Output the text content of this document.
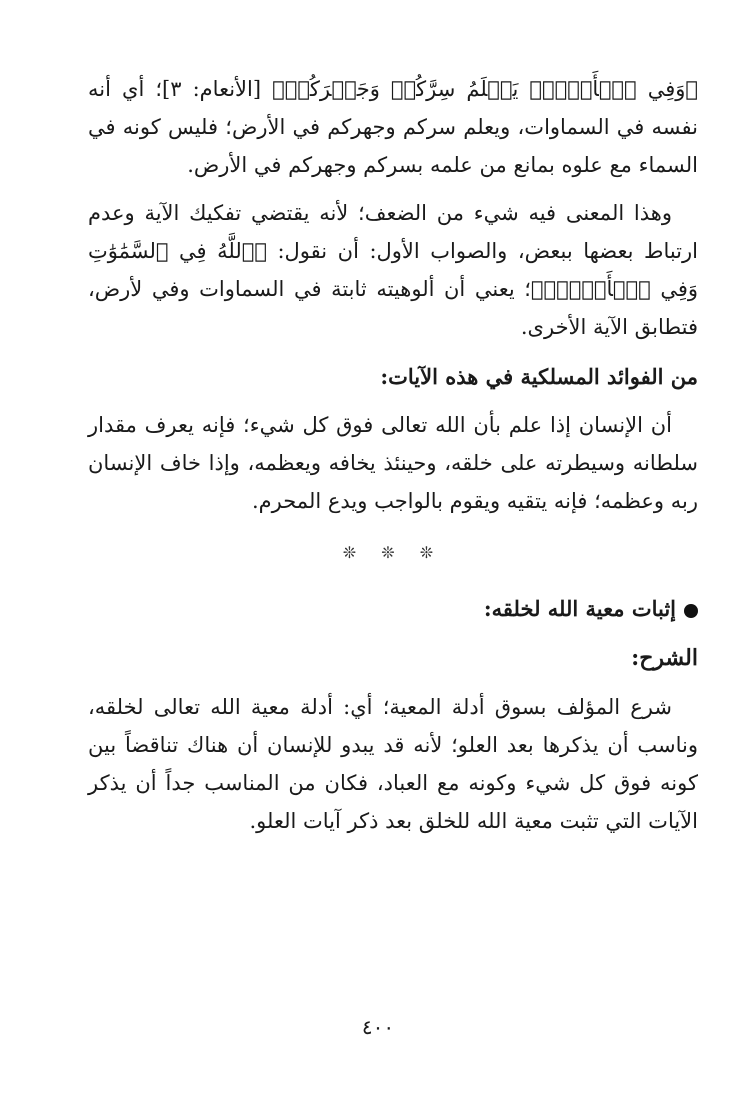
﴿وَفِي ٱلۡأَرۡضِۖ يَعۡلَمُ سِرَّكُمۡ وَجَهۡرَكُمۡ﴾ [الأنعام: ٣]؛ أي أنه نفسه في السماوات، ويعلم سركم وجهركم في الأرض؛ فليس كونه في السماء مع علوه بمانع من علمه بسركم وجهركم في الأرض.

وهذا المعنى فيه شيء من الضعف؛ لأنه يقتضي تفكيك الآية وعدم ارتباط بعضها ببعض، والصواب الأول: أن نقول: ﴿ٱللَّهُ فِي ٱلسَّمَٰوَٰتِ وَفِي ٱلۡأَرۡضِۖ﴾؛ يعني أن ألوهيته ثابتة في السماوات وفي لأرض، فتطابق الآية الأخرى.

من الفوائد المسلكية في هذه الآيات:

أن الإنسان إذا علم بأن الله تعالى فوق كل شيء؛ فإنه يعرف مقدار سلطانه وسيطرته على خلقه، وحينئذ يخافه ويعظمه، وإذا خاف الإنسان ربه وعظمه؛ فإنه يتقيه ويقوم بالواجب ويدع المحرم.

❊ ❊ ❊

إثبات معية الله لخلقه:

الشرح:

شرع المؤلف بسوق أدلة المعية؛ أي: أدلة معية الله تعالى لخلقه، وناسب أن يذكرها بعد العلو؛ لأنه قد يبدو للإنسان أن هناك تناقضاً بين كونه فوق كل شيء وكونه مع العباد، فكان من المناسب جداً أن يذكر الآيات التي تثبت معية الله للخلق بعد ذكر آيات العلو.

٤٠٠
